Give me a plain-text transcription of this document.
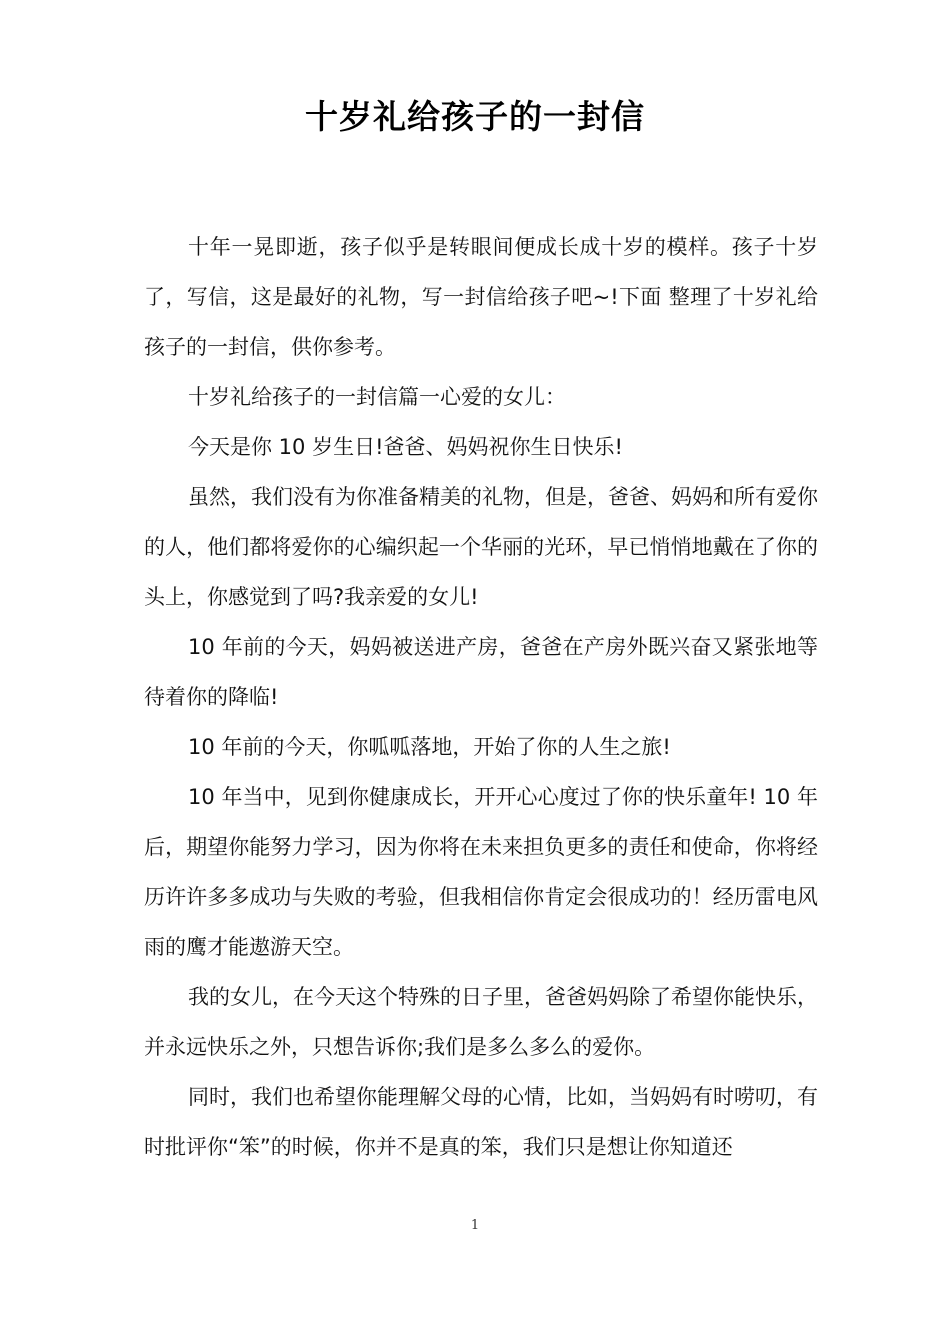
十岁礼给孩子的一封信

十年一晃即逝，孩子似乎是转眼间便成长成十岁的模样。孩子十岁了，写信，这是最好的礼物，写一封信给孩子吧~!下面 整理了十岁礼给孩子的一封信，供你参考。

十岁礼给孩子的一封信篇一心爱的女儿：

今天是你 10 岁生日!爸爸、妈妈祝你生日快乐!

虽然，我们没有为你准备精美的礼物，但是，爸爸、妈妈和所有爱你的人，他们都将爱你的心编织起一个华丽的光环，早已悄悄地戴在了你的头上，你感觉到了吗?我亲爱的女儿!

10 年前的今天，妈妈被送进产房，爸爸在产房外既兴奋又紧张地等待着你的降临!

10 年前的今天，你呱呱落地，开始了你的人生之旅!

10 年当中，见到你健康成长，开开心心度过了你的快乐童年! 10 年后，期望你能努力学习，因为你将在未来担负更多的责任和使命，你将经历许许多多成功与失败的考验，但我相信你肯定会很成功的！经历雷电风雨的鹰才能遨游天空。

我的女儿，在今天这个特殊的日子里，爸爸妈妈除了希望你能快乐，并永远快乐之外，只想告诉你;我们是多么多么的爱你。

同时，我们也希望你能理解父母的心情，比如，当妈妈有时唠叨，有时批评你“笨”的时候，你并不是真的笨，我们只是想让你知道还

1
